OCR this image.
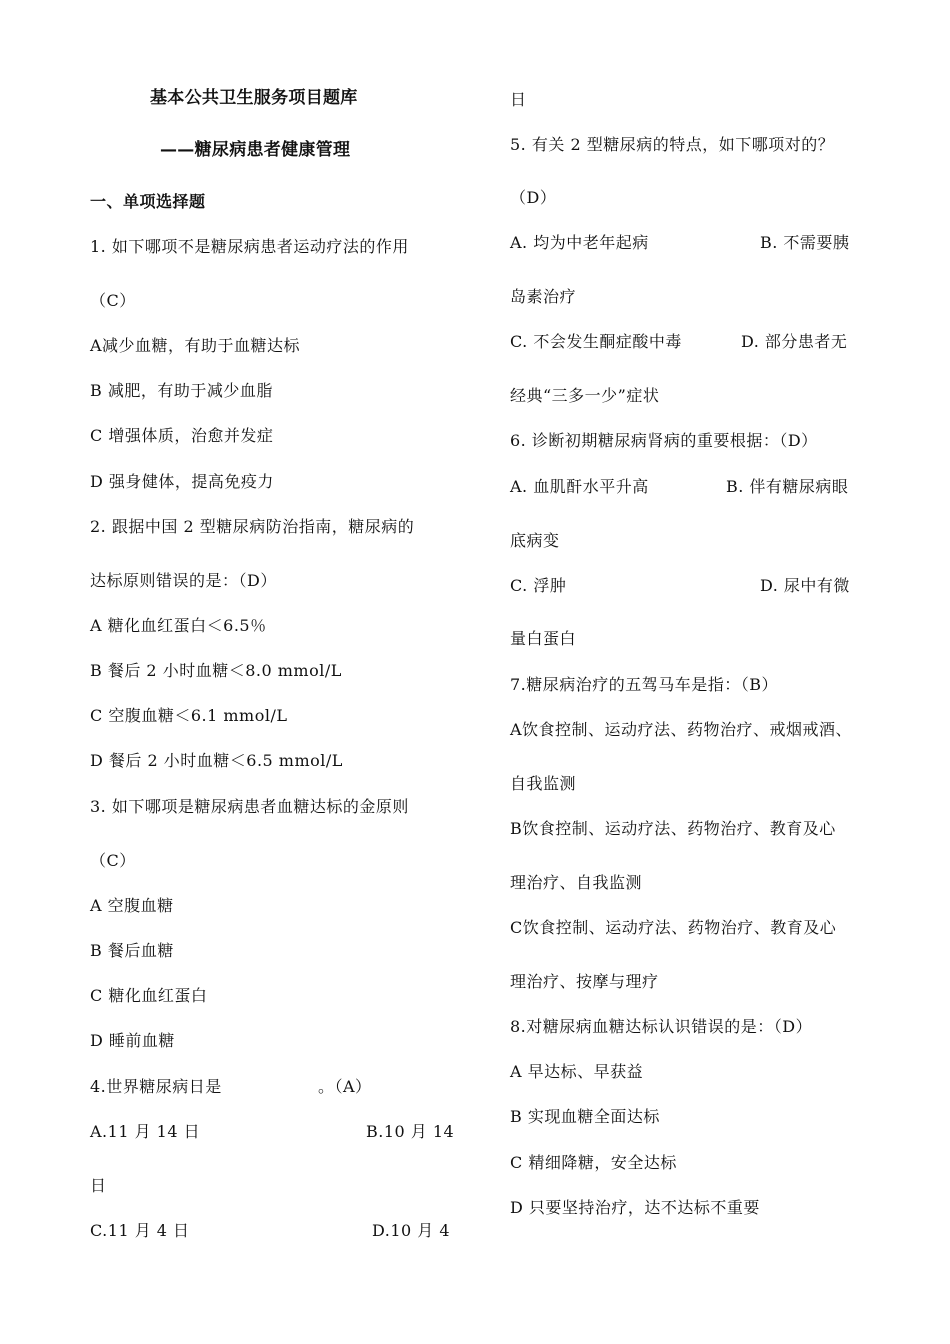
基本公共卫生服务项目题库
——糖尿病患者健康管理
一、单项选择题
1. 如下哪项不是糖尿病患者运动疗法的作用
（C）
A减少血糖，有助于血糖达标
B 减肥，有助于减少血脂
C 增强体质，治愈并发症
D 强身健体，提高免疫力
2. 跟据中国 2 型糖尿病防治指南，糖尿病的
达标原则错误的是：（D）
A 糖化血红蛋白＜6.5％
B 餐后 2 小时血糖＜8.0 mmol/L
C 空腹血糖＜6.1 mmol/L
D 餐后 2 小时血糖＜6.5 mmol/L
3. 如下哪项是糖尿病患者血糖达标的金原则
（C）
A 空腹血糖
B 餐后血糖
C 糖化血红蛋白
D 睡前血糖
4.世界糖尿病日是	。（A）
A.11 月 14 日	B.10 月 14
日
C.11 月 4 日	D.10 月 4
日
5. 有关 2 型糖尿病的特点，如下哪项对的？
（D）
A. 均为中老年起病	B. 不需要胰
岛素治疗
C. 不会发生酮症酸中毒	D. 部分患者无
经典“三多一少”症状
6. 诊断初期糖尿病肾病的重要根据：（D）
A. 血肌酐水平升高	B. 伴有糖尿病眼
底病变
C. 浮肿	D. 尿中有微
量白蛋白
7.糖尿病治疗的五驾马车是指：（B）
A饮食控制、运动疗法、药物治疗、戒烟戒酒、
自我监测
B饮食控制、运动疗法、药物治疗、教育及心
理治疗、自我监测
C饮食控制、运动疗法、药物治疗、教育及心
理治疗、按摩与理疗
8.对糖尿病血糖达标认识错误的是：（D）
A 早达标、早获益
B 实现血糖全面达标
C 精细降糖，安全达标
D 只要坚持治疗，达不达标不重要
